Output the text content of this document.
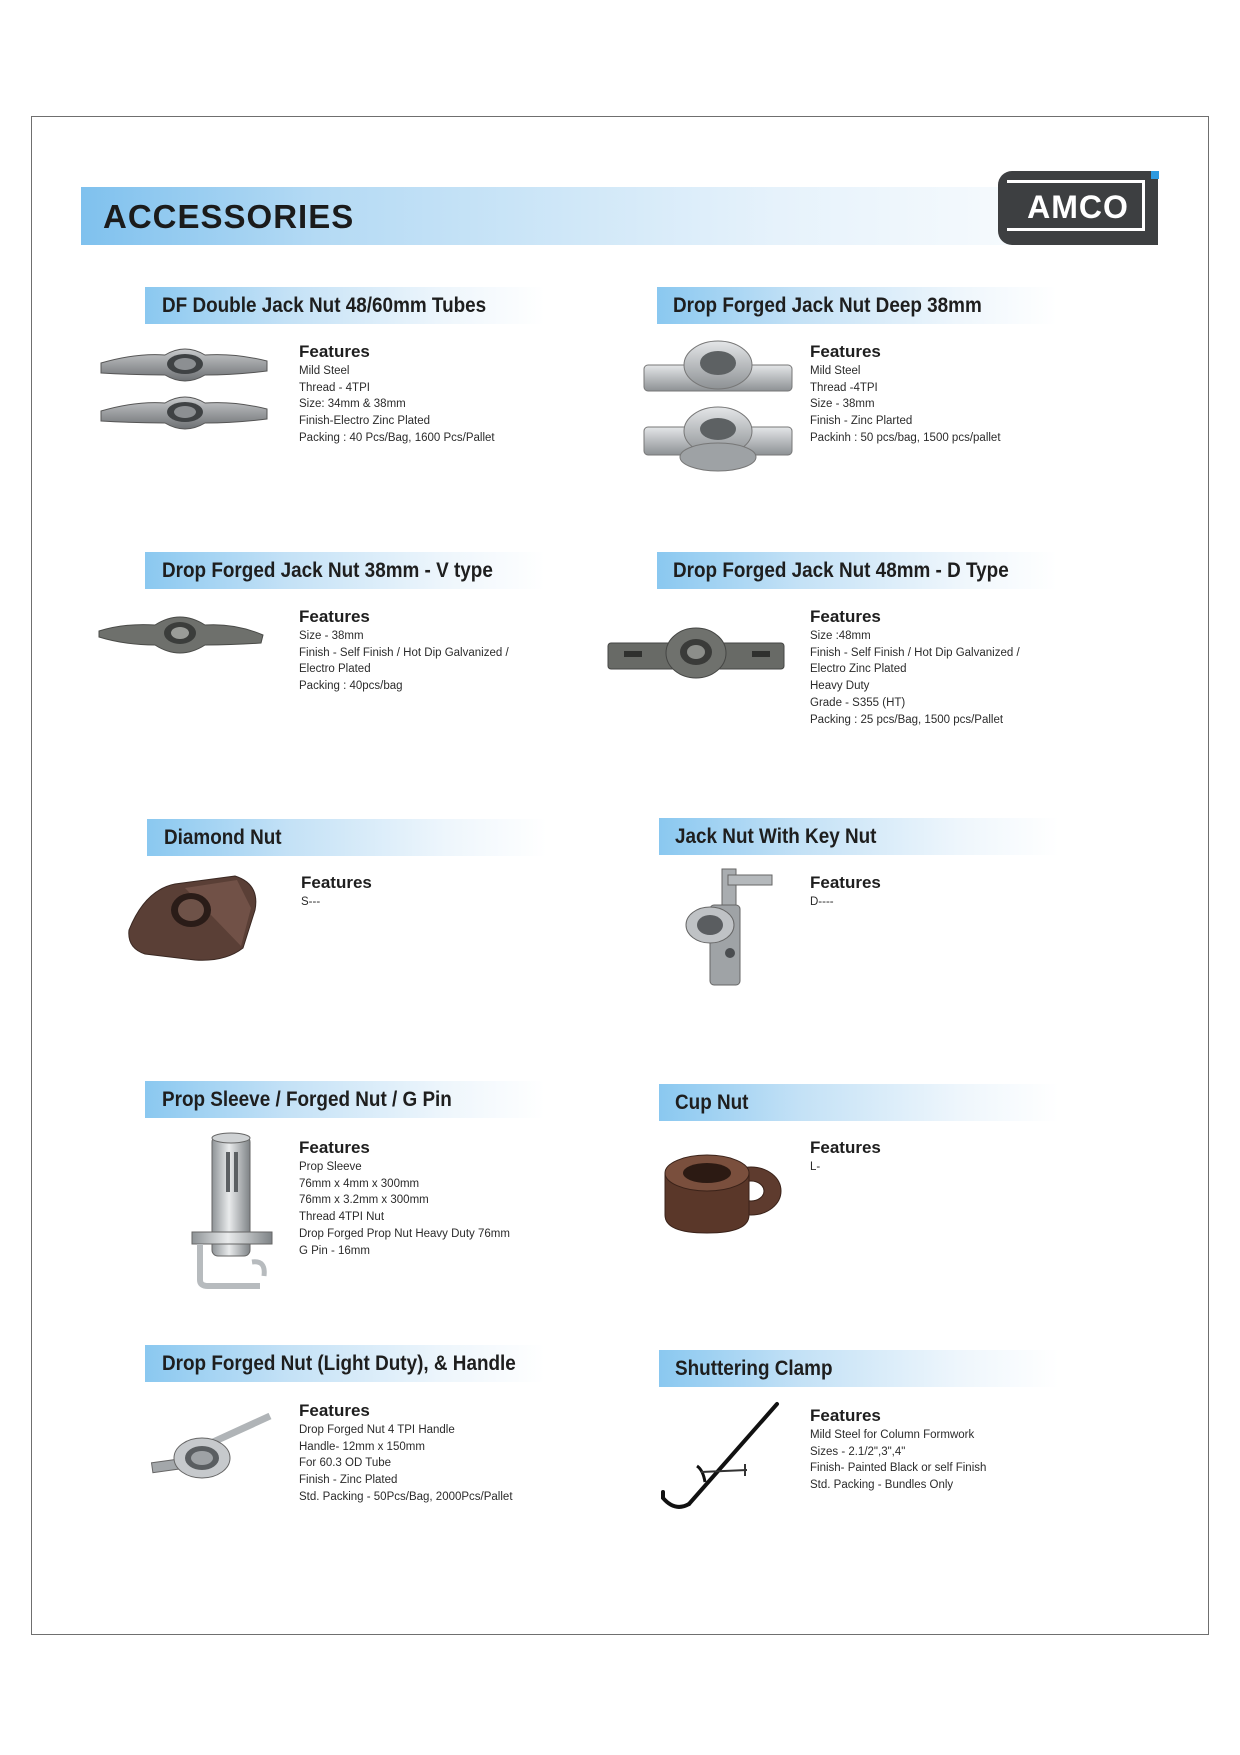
ACCESSORIES	AMCO
DF Double Jack Nut 48/60mm Tubes
Features
Mild Steel
Thread - 4TPI
Size: 34mm & 38mm
Finish-Electro Zinc Plated
Packing : 40 Pcs/Bag, 1600 Pcs/Pallet
Drop Forged Jack Nut Deep 38mm
Features
Mild Steel
Thread -4TPI
Size - 38mm
Finish - Zinc Plarted
Packinh : 50 pcs/bag, 1500 pcs/pallet
Drop Forged Jack Nut 38mm - V type
Features
Size - 38mm
Finish - Self Finish / Hot Dip Galvanized /
Electro Plated
Packing : 40pcs/bag
Drop Forged Jack Nut 48mm - D Type
Features
Size :48mm
Finish - Self Finish / Hot Dip Galvanized /
Electro Zinc Plated
Heavy Duty
Grade - S355 (HT)
Packing : 25 pcs/Bag, 1500 pcs/Pallet
Diamond Nut
Features
S---
Jack Nut With Key Nut
Features
D----
Prop Sleeve / Forged Nut / G Pin
Features
Prop Sleeve
76mm x 4mm x 300mm
76mm x 3.2mm x 300mm
Thread 4TPI Nut
Drop Forged Prop Nut Heavy Duty 76mm
G Pin - 16mm
Cup Nut
Features
L-
Drop Forged Nut (Light Duty), & Handle
Features
Drop Forged Nut 4 TPI Handle
Handle- 12mm x 150mm
For 60.3 OD Tube
Finish - Zinc Plated
Std. Packing - 50Pcs/Bag, 2000Pcs/Pallet
Shuttering Clamp
Features
Mild Steel for Column Formwork
Sizes - 2.1/2",3",4"
Finish- Painted Black or self Finish
Std. Packing - Bundles Only
